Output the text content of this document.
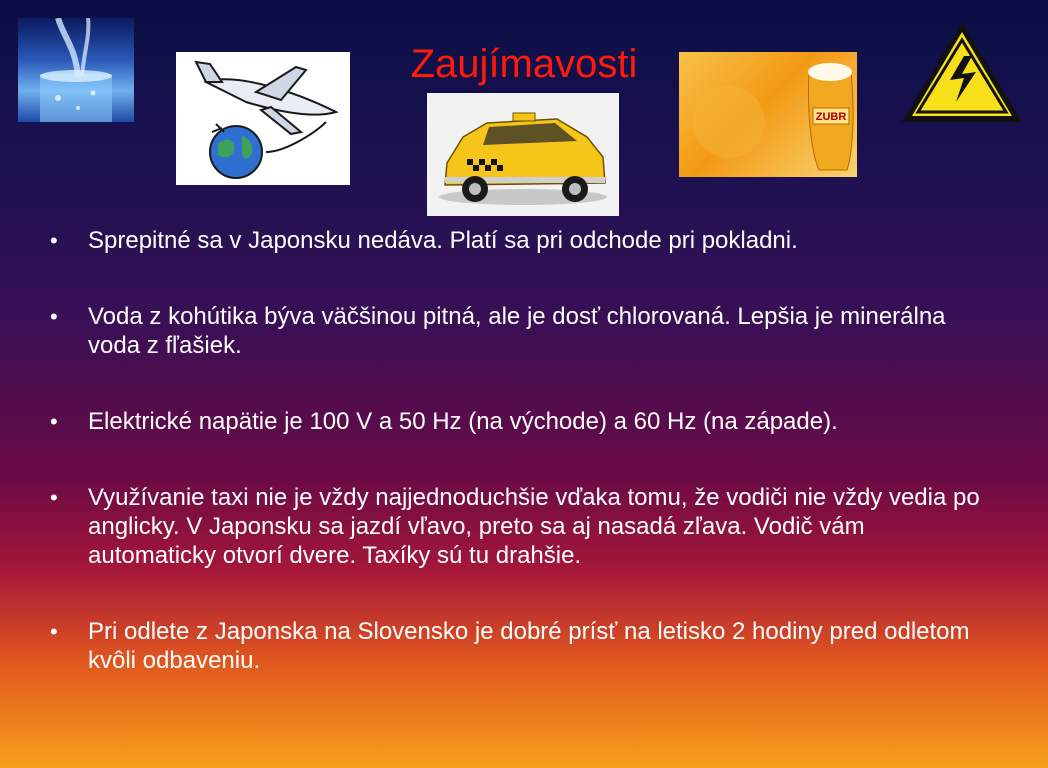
Zaujímavosti
ZUBR
• Sprepitné sa v Japonsku nedáva. Platí sa pri odchode pri pokladni.
• Voda z kohútika býva väčšinou pitná, ale je dosť chlorovaná. Lepšia je minerálna voda z fľašiek.
• Elektrické napätie je 100 V a 50 Hz (na východe) a 60 Hz (na západe).
• Využívanie taxi nie je vždy najjednoduchšie vďaka tomu, že vodiči nie vždy vedia po anglicky. V Japonsku sa jazdí vľavo, preto sa aj nasadá zľava. Vodič vám automaticky otvorí dvere. Taxíky sú tu drahšie.
• Pri odlete z Japonska na Slovensko je dobré prísť na letisko 2 hodiny pred odletom kvôli odbaveniu.
